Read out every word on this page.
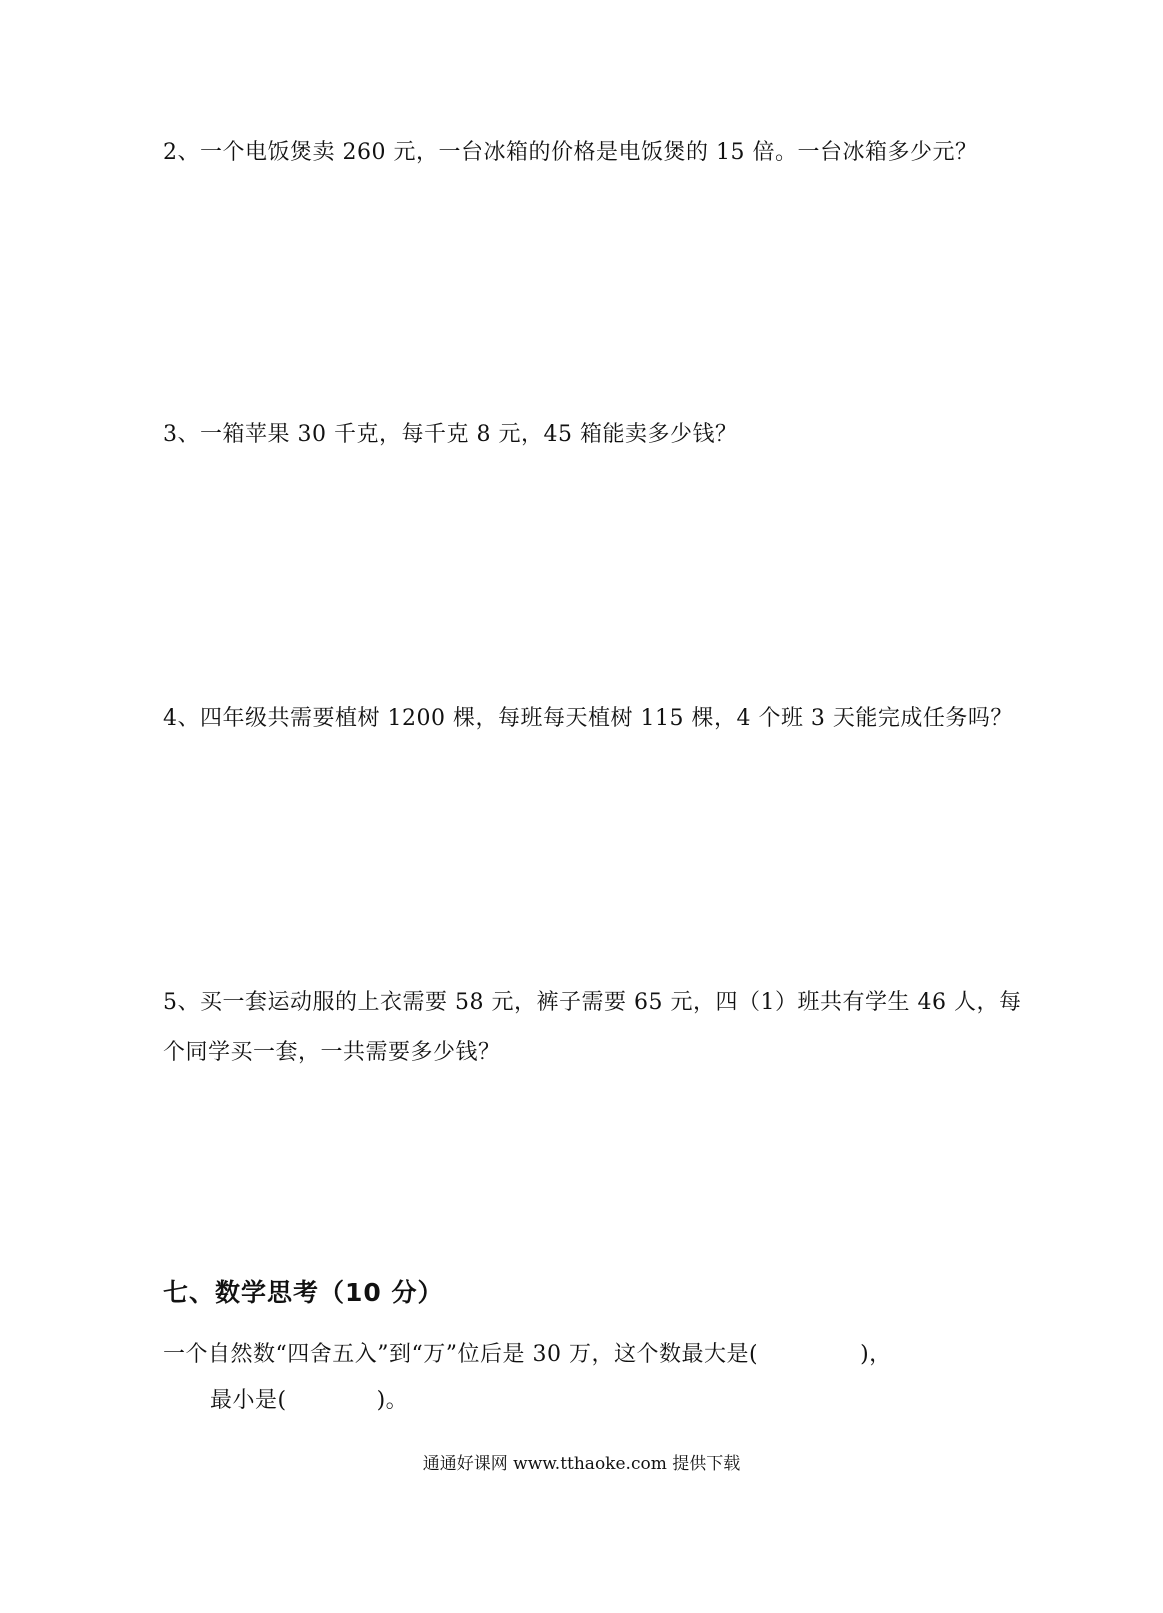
2、一个电饭煲卖 260 元，一台冰箱的价格是电饭煲的 15 倍。一台冰箱多少元？
3、一箱苹果 30 千克，每千克 8 元，45 箱能卖多少钱？
4、四年级共需要植树 1200 棵，每班每天植树 115 棵，4 个班 3 天能完成任务吗？
5、买一套运动服的上衣需要 58 元，裤子需要 65 元，四（1）班共有学生 46 人，每
个同学买一套，一共需要多少钱？
七、数学思考（10 分）
一个自然数“四舍五入”到“万”位后是 30 万，这个数最大是(	)，
最小是(	)。
通通好课网 www.tthaoke.com 提供下载
